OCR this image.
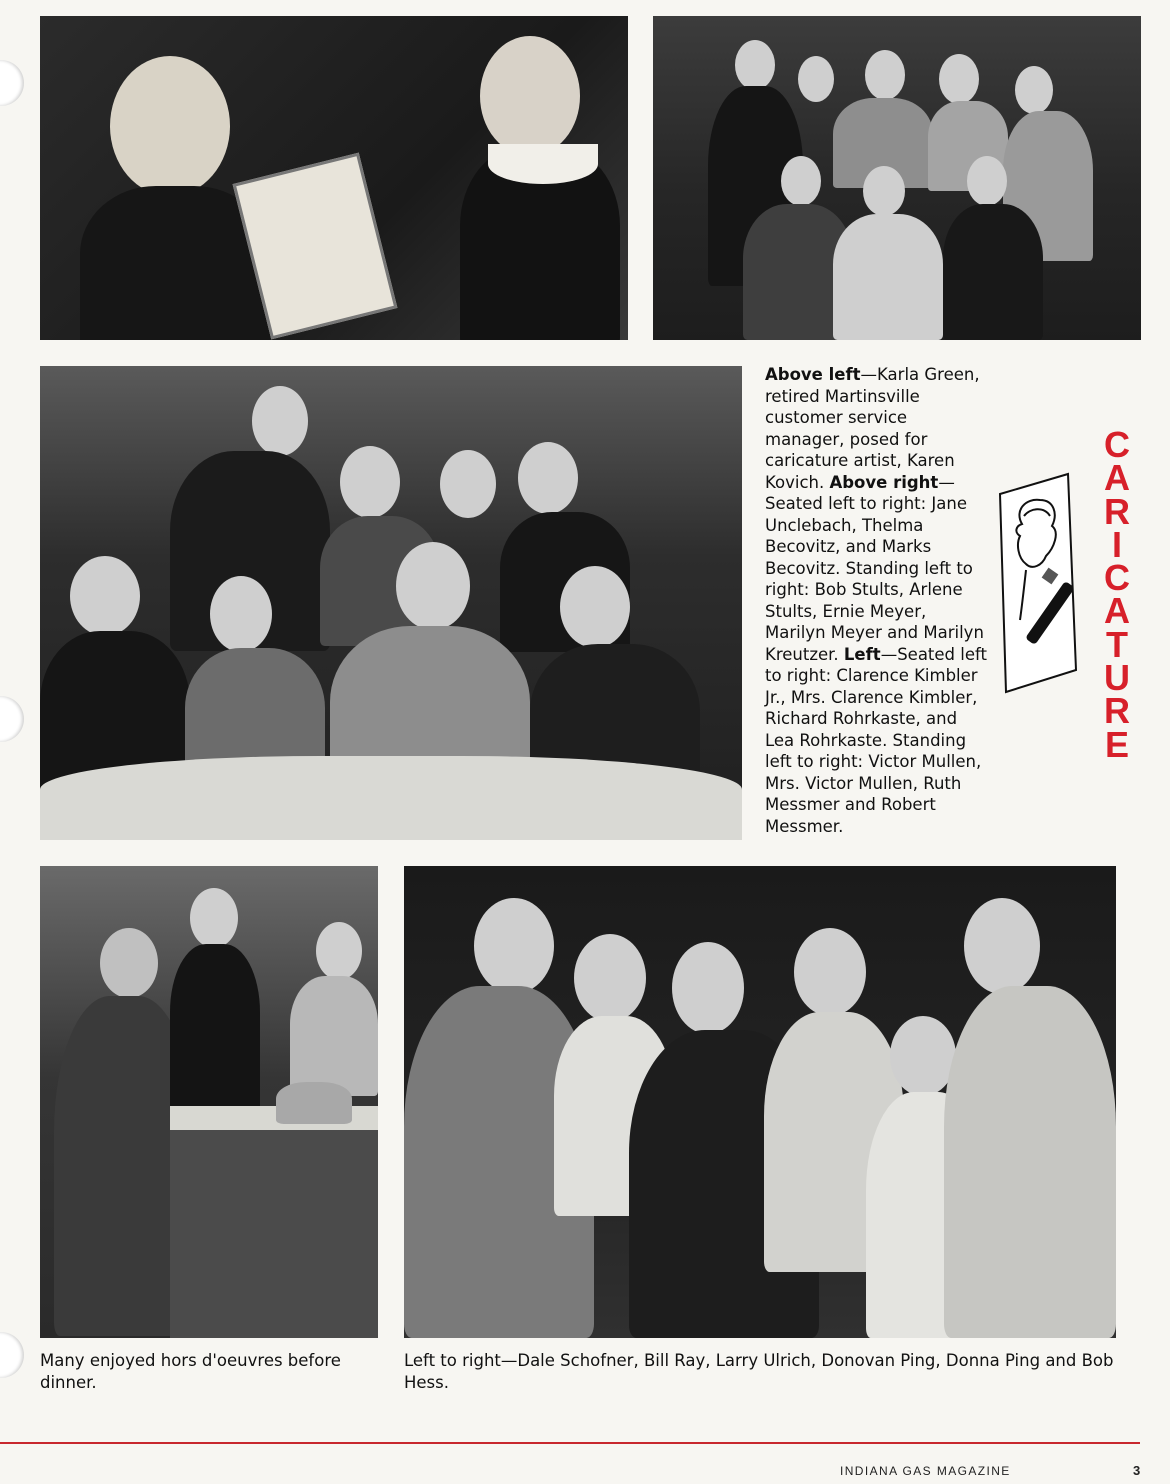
Above left—Karla Green, retired Martinsville customer service manager, posed for caricature artist, Karen Kovich. Above right—Seated left to right: Jane Unclebach, Thelma Becovitz, and Marks Becovitz. Standing left to right: Bob Stults, Arlene Stults, Ernie Meyer, Marilyn Meyer and Marilyn Kreutzer. Left—Seated left to right: Clarence Kimbler Jr., Mrs. Clarence Kimbler, Richard Rohrkaste, and Lea Rohrkaste. Standing left to right: Victor Mullen, Mrs. Victor Mullen, Ruth Messmer and Robert Messmer.
C
A
R
I
C
A
T
U
R
E
Many enjoyed hors d'oeuvres before dinner.
Left to right—Dale Schofner, Bill Ray, Larry Ulrich, Donovan Ping, Donna Ping and Bob Hess.
INDIANA GAS MAGAZINE	3
